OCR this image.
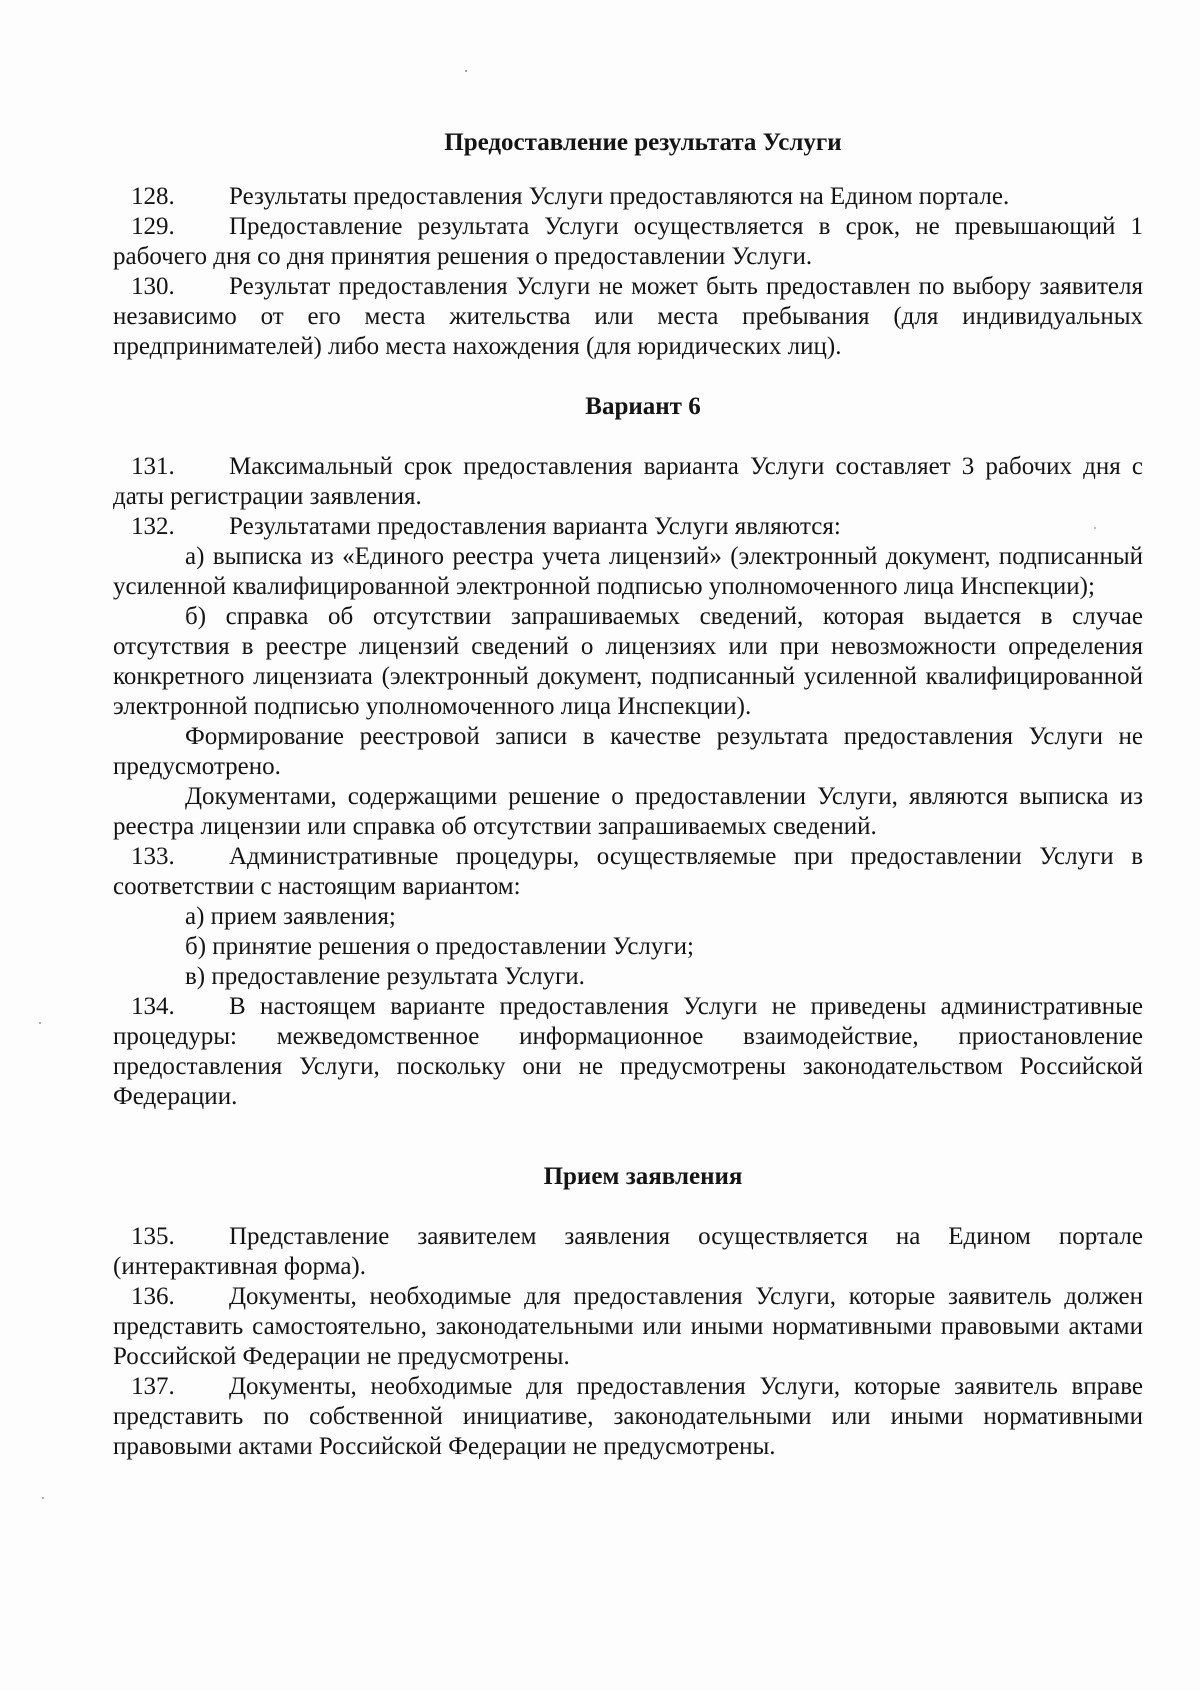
Предоставление результата Услуги

128. Результаты предоставления Услуги предоставляются на Едином портале.

129. Предоставление результата Услуги осуществляется в срок, не превышающий 1 рабочего дня со дня принятия решения о предоставлении Услуги.

130. Результат предоставления Услуги не может быть предоставлен по выбору заявителя независимо от его места жительства или места пребывания (для индивидуальных предпринимателей) либо места нахождения (для юридических лиц).

Вариант 6

131. Максимальный срок предоставления варианта Услуги составляет 3 рабочих дня с даты регистрации заявления.

132. Результатами предоставления варианта Услуги являются:

а) выписка из «Единого реестра учета лицензий» (электронный документ, подписанный усиленной квалифицированной электронной подписью уполномоченного лица Инспекции);

б) справка об отсутствии запрашиваемых сведений, которая выдается в случае отсутствия в реестре лицензий сведений о лицензиях или при невозможности определения конкретного лицензиата (электронный документ, подписанный усиленной квалифицированной электронной подписью уполномоченного лица Инспекции).

Формирование реестровой записи в качестве результата предоставления Услуги не предусмотрено.

Документами, содержащими решение о предоставлении Услуги, являются выписка из реестра лицензии или справка об отсутствии запрашиваемых сведений.

133. Административные процедуры, осуществляемые при предоставлении Услуги в соответствии с настоящим вариантом:

а) прием заявления;

б) принятие решения о предоставлении Услуги;

в) предоставление результата Услуги.

134. В настоящем варианте предоставления Услуги не приведены административные процедуры: межведомственное информационное взаимодействие, приостановление предоставления Услуги, поскольку они не предусмотрены законодательством Российской Федерации.

Прием заявления

135. Представление заявителем заявления осуществляется на Едином портале (интерактивная форма).

136. Документы, необходимые для предоставления Услуги, которые заявитель должен представить самостоятельно, законодательными или иными нормативными правовыми актами Российской Федерации не предусмотрены.

137. Документы, необходимые для предоставления Услуги, которые заявитель вправе представить по собственной инициативе, законодательными или иными нормативными правовыми актами Российской Федерации не предусмотрены.
